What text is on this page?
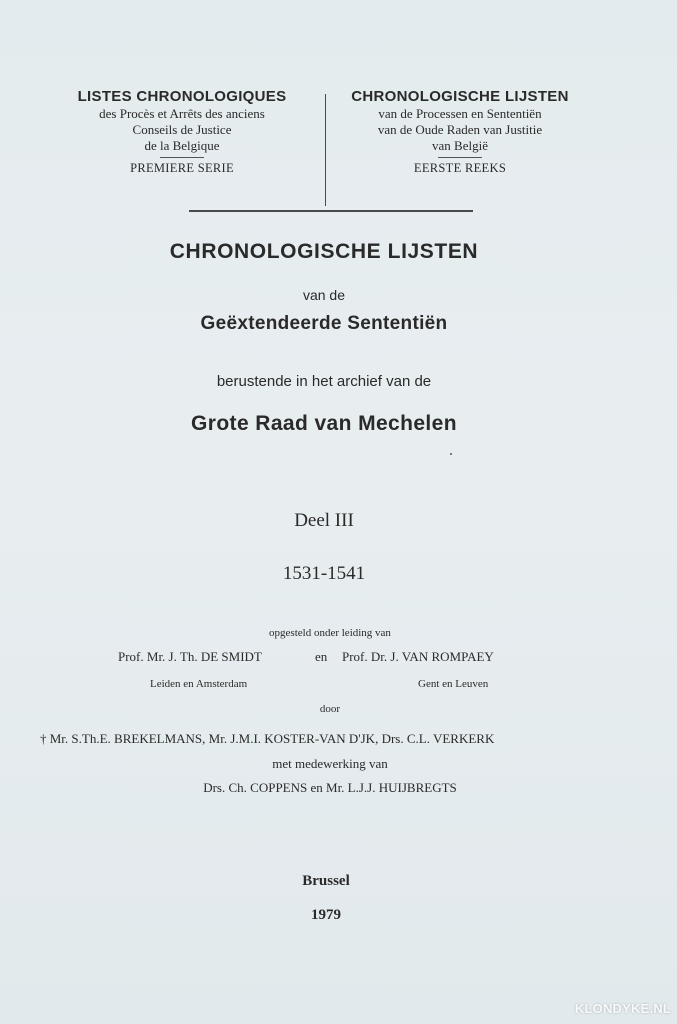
LISTES CHRONOLOGIQUES
des Procès et Arrêts des anciens
Conseils de Justice
de la Belgique
PREMIERE SERIE
CHRONOLOGISCHE LIJSTEN
van de Processen en Sententiën
van de Oude Raden van Justitie
van België
EERSTE REEKS
CHRONOLOGISCHE LIJSTEN
van de
Geëxtendeerde Sententiën
berustende in het archief van de
Grote Raad van Mechelen
Deel III
1531-1541
opgesteld onder leiding van
Prof. Mr. J. Th. DE SMIDT	en Prof. Dr. J. VAN ROMPAEY
Leiden en Amsterdam	Gent en Leuven
door
† Mr. S.Th.E. BREKELMANS, Mr. J.M.I. KOSTER-VAN D'JK, Drs. C.L. VERKERK
met medewerking van
Drs. Ch. COPPENS en Mr. L.J.J. HUIJBREGTS
Brussel
1979
KLONDYKE.NL
